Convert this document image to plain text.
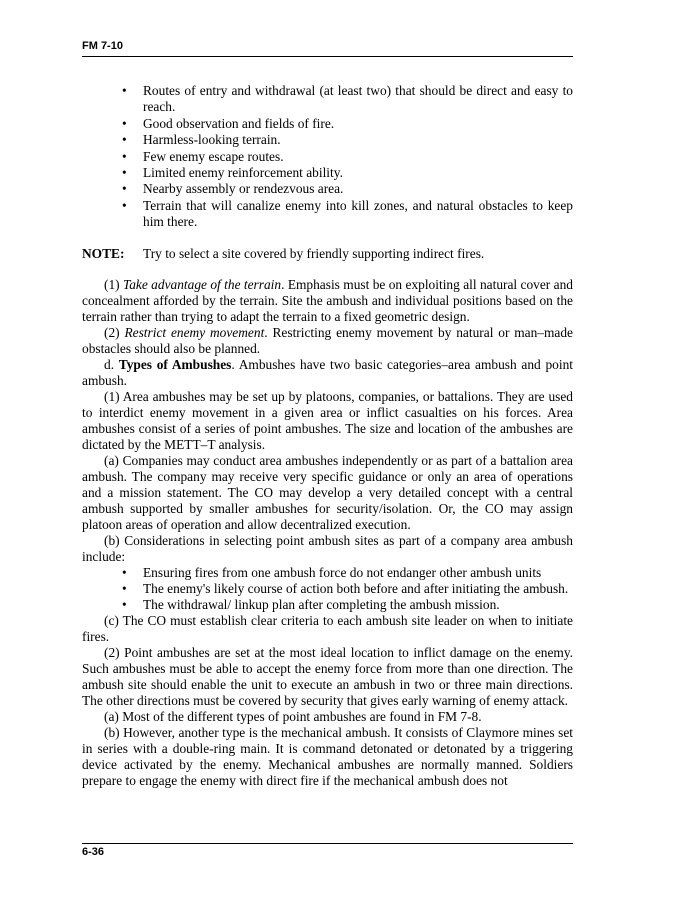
FM 7-10
• Routes of entry and withdrawal (at least two) that should be direct and easy to reach.
• Good observation and fields of fire.
• Harmless-looking terrain.
• Few enemy escape routes.
• Limited enemy reinforcement ability.
• Nearby assembly or rendezvous area.
• Terrain that will canalize enemy into kill zones, and natural obstacles to keep him there.
NOTE: Try to select a site covered by friendly supporting indirect fires.

(1) Take advantage of the terrain. Emphasis must be on exploiting all natural cover and concealment afforded by the terrain. Site the ambush and individual positions based on the terrain rather than trying to adapt the terrain to a fixed geometric design.

(2) Restrict enemy movement. Restricting enemy movement by natural or man–made obstacles should also be planned.

d. Types of Ambushes. Ambushes have two basic categories–area ambush and point ambush.

(1) Area ambushes may be set up by platoons, companies, or battalions. They are used to interdict enemy movement in a given area or inflict casualties on his forces. Area ambushes consist of a series of point ambushes. The size and location of the ambushes are dictated by the METT–T analysis.

(a) Companies may conduct area ambushes independently or as part of a battalion area ambush. The company may receive very specific guidance or only an area of operations and a mission statement. The CO may develop a very detailed concept with a central ambush supported by smaller ambushes for security/isolation. Or, the CO may assign platoon areas of operation and allow decentralized execution.

(b) Considerations in selecting point ambush sites as part of a company area ambush include:

• Ensuring fires from one ambush force do not endanger other ambush units
• The enemy's likely course of action both before and after initiating the ambush.
• The withdrawal/ linkup plan after completing the ambush mission.

(c) The CO must establish clear criteria to each ambush site leader on when to initiate fires.

(2) Point ambushes are set at the most ideal location to inflict damage on the enemy. Such ambushes must be able to accept the enemy force from more than one direction. The ambush site should enable the unit to execute an ambush in two or three main directions. The other directions must be covered by security that gives early warning of enemy attack.

(a) Most of the different types of point ambushes are found in FM 7-8.

(b) However, another type is the mechanical ambush. It consists of Claymore mines set in series with a double-ring main. It is command detonated or detonated by a triggering device activated by the enemy. Mechanical ambushes are normally manned. Soldiers prepare to engage the enemy with direct fire if the mechanical ambush does not

6-36
